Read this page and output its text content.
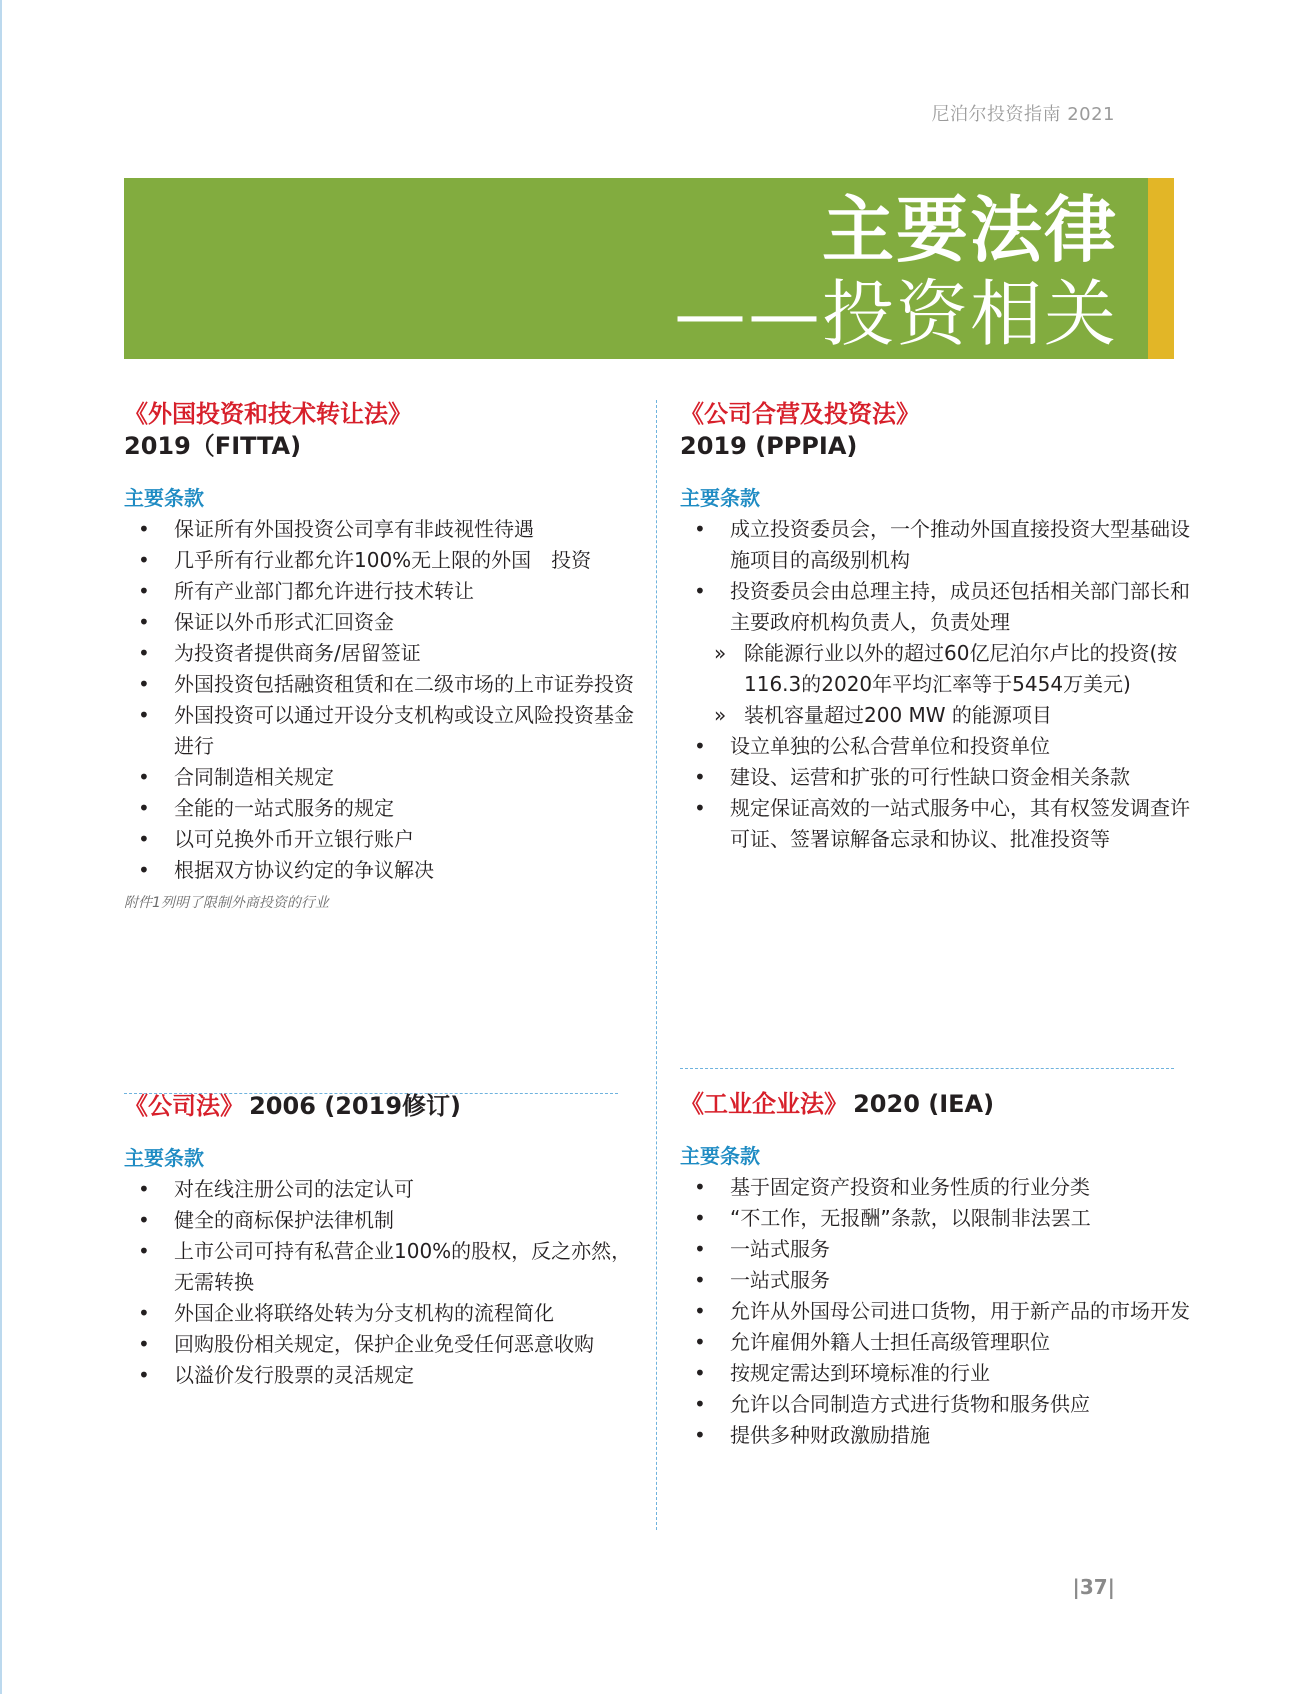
尼泊尔投资指南 2021
主要法律
——投资相关
《外国投资和技术转让法》
2019（FITTA)
主要条款
• 保证所有外国投资公司享有非歧视性待遇
• 几乎所有行业都允许100%无上限的外国　投资
• 所有产业部门都允许进行技术转让
• 保证以外币形式汇回资金
• 为投资者提供商务/居留签证
• 外国投资包括融资租赁和在二级市场的上市证券投资
• 外国投资可以通过开设分支机构或设立风险投资基金进行
• 合同制造相关规定
• 全能的一站式服务的规定
• 以可兑换外币开立银行账户
• 根据双方协议约定的争议解决
附件1列明了限制外商投资的行业
《公司合营及投资法》
2019 (PPPIA)
主要条款
• 成立投资委员会，一个推动外国直接投资大型基础设施项目的高级别机构
• 投资委员会由总理主持，成员还包括相关部门部长和主要政府机构负责人，负责处理
» 除能源行业以外的超过60亿尼泊尔卢比的投资(按116.3的2020年平均汇率等于5454万美元)
» 装机容量超过200 MW 的能源项目
• 设立单独的公私合营单位和投资单位
• 建设、运营和扩张的可行性缺口资金相关条款
• 规定保证高效的一站式服务中心，其有权签发调查许可证、签署谅解备忘录和协议、批准投资等
《公司法》 2006 (2019修订)
主要条款
• 对在线注册公司的法定认可
• 健全的商标保护法律机制
• 上市公司可持有私营企业100%的股权，反之亦然，无需转换
• 外国企业将联络处转为分支机构的流程简化
• 回购股份相关规定，保护企业免受任何恶意收购
• 以溢价发行股票的灵活规定
《工业企业法》 2020 (IEA)
主要条款
• 基于固定资产投资和业务性质的行业分类
• “不工作，无报酬”条款，以限制非法罢工
• 一站式服务
• 一站式服务
• 允许从外国母公司进口货物，用于新产品的市场开发
• 允许雇佣外籍人士担任高级管理职位
• 按规定需达到环境标准的行业
• 允许以合同制造方式进行货物和服务供应
• 提供多种财政激励措施
|37|
